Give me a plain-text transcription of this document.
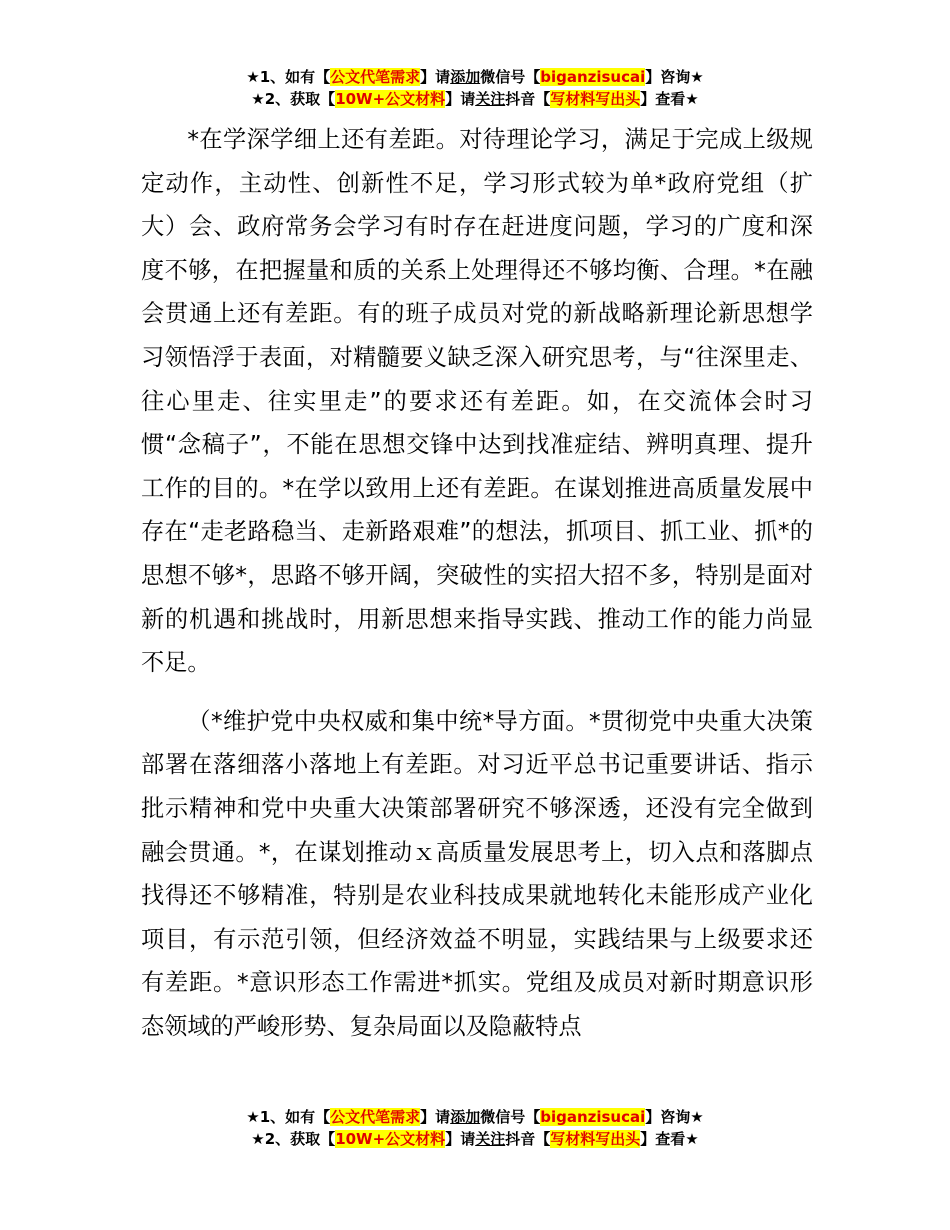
★1、如有【公文代笔需求】请添加微信号【biganzisucai】咨询★
★2、获取【10W+公文材料】请关注抖音【写材料写出头】查看★

*在学深学细上还有差距。对待理论学习，满足于完成上级规定动作，主动性、创新性不足，学习形式较为单*政府党组（扩大）会、政府常务会学习有时存在赶进度问题，学习的广度和深度不够，在把握量和质的关系上处理得还不够均衡、合理。*在融会贯通上还有差距。有的班子成员对党的新战略新理论新思想学习领悟浮于表面，对精髓要义缺乏深入研究思考，与“往深里走、往心里走、往实里走”的要求还有差距。如，在交流体会时习惯“念稿子”，不能在思想交锋中达到找准症结、辨明真理、提升工作的目的。*在学以致用上还有差距。在谋划推进高质量发展中存在“走老路稳当、走新路艰难”的想法，抓项目、抓工业、抓*的思想不够*，思路不够开阔，突破性的实招大招不多，特别是面对新的机遇和挑战时，用新思想来指导实践、推动工作的能力尚显不足。

（*维护党中央权威和集中统*导方面。*贯彻党中央重大决策部署在落细落小落地上有差距。对习近平总书记重要讲话、指示批示精神和党中央重大决策部署研究不够深透，还没有完全做到融会贯通。*，在谋划推动ｘ高质量发展思考上，切入点和落脚点找得还不够精准，特别是农业科技成果就地转化未能形成产业化项目，有示范引领，但经济效益不明显，实践结果与上级要求还有差距。*意识形态工作需进*抓实。党组及成员对新时期意识形态领域的严峻形势、复杂局面以及隐蔽特点

★1、如有【公文代笔需求】请添加微信号【biganzisucai】咨询★
★2、获取【10W+公文材料】请关注抖音【写材料写出头】查看★
